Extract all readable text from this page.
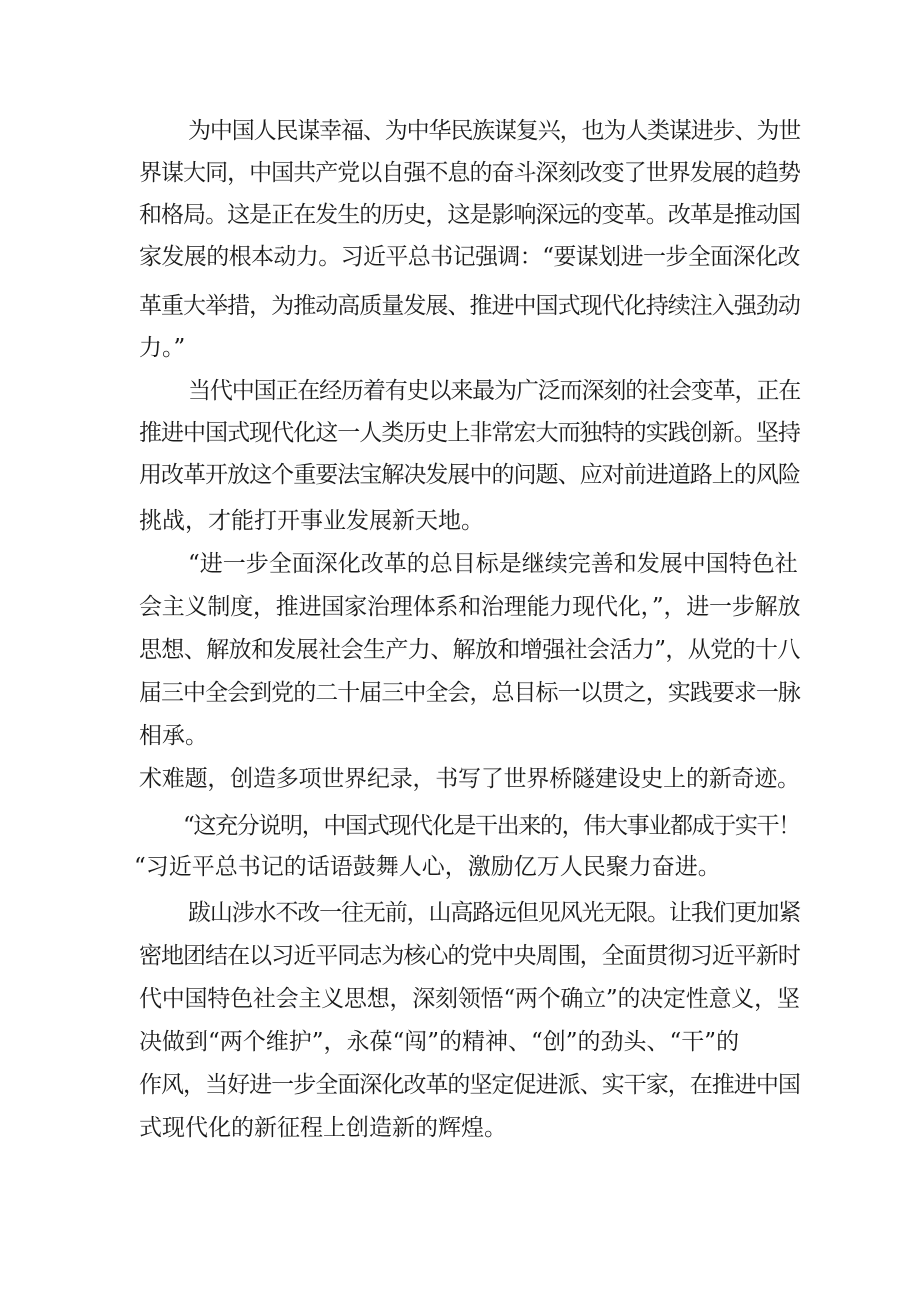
为中国人民谋幸福、为中华民族谋复兴，也为人类谋进步、为世
界谋大同，中国共产党以自强不息的奋斗深刻改变了世界发展的趋势
和格局。这是正在发生的历史，这是影响深远的变革。改革是推动国
家发展的根本动力。习近平总书记强调：“要谋划进一步全面深化改
革重大举措，为推动高质量发展、推进中国式现代化持续注入强劲动
力。”
当代中国正在经历着有史以来最为广泛而深刻的社会变革，正在
推进中国式现代化这一人类历史上非常宏大而独特的实践创新。坚持
用改革开放这个重要法宝解决发展中的问题、应对前进道路上的风险
挑战，才能打开事业发展新天地。
“进一步全面深化改革的总目标是继续完善和发展中国特色社
会主义制度，推进国家治理体系和治理能力现代化，”，进一步解放
思想、解放和发展社会生产力、解放和增强社会活力”，从党的十八
届三中全会到党的二十届三中全会，总目标一以贯之，实践要求一脉
相承。
术难题，创造多项世界纪录，书写了世界桥隧建设史上的新奇迹。
“这充分说明，中国式现代化是干出来的，伟大事业都成于实干！
“习近平总书记的话语鼓舞人心，激励亿万人民聚力奋进。
跋山涉水不改一往无前，山高路远但见风光无限。让我们更加紧
密地团结在以习近平同志为核心的党中央周围，全面贯彻习近平新时
代中国特色社会主义思想，深刻领悟“两个确立”的决定性意义，坚
决做到“两个维护”，永葆“闯”的精神、“创”的劲头、“干”的
作风，当好进一步全面深化改革的坚定促进派、实干家，在推进中国
式现代化的新征程上创造新的辉煌。
